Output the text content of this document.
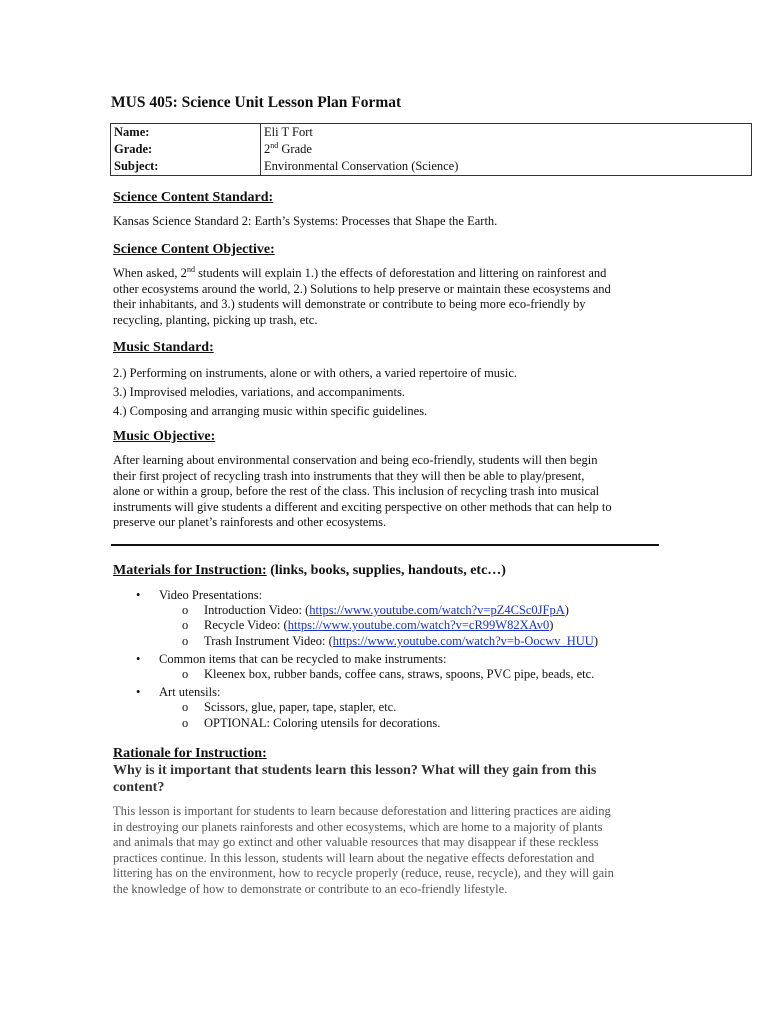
MUS 405: Science Unit Lesson Plan Format
Name:	Eli T Fort
Grade:	2nd Grade
Subject:	Environmental Conservation (Science)
Science Content Standard:
Kansas Science Standard 2: Earth’s Systems: Processes that Shape the Earth.
Science Content Objective:
When asked, 2nd students will explain 1.) the effects of deforestation and littering on rainforest and
other ecosystems around the world, 2.) Solutions to help preserve or maintain these ecosystems and
their inhabitants, and 3.) students will demonstrate or contribute to being more eco-friendly by
recycling, planting, picking up trash, etc.
Music Standard:
2.) Performing on instruments, alone or with others, a varied repertoire of music.
3.) Improvised melodies, variations, and accompaniments.
4.) Composing and arranging music within specific guidelines.
Music Objective:
After learning about environmental conservation and being eco-friendly, students will then begin
their first project of recycling trash into instruments that they will then be able to play/present,
alone or within a group, before the rest of the class. This inclusion of recycling trash into musical
instruments will give students a different and exciting perspective on other methods that can help to
preserve our planet’s rainforests and other ecosystems.
Materials for Instruction: (links, books, supplies, handouts, etc…)
• Video Presentations:
o Introduction Video: (https://www.youtube.com/watch?v=pZ4CSc0JFpA)
o Recycle Video: (https://www.youtube.com/watch?v=cR99W82XAv0)
o Trash Instrument Video: (https://www.youtube.com/watch?v=b-Oocwv_HUU)
• Common items that can be recycled to make instruments:
o Kleenex box, rubber bands, coffee cans, straws, spoons, PVC pipe, beads, etc.
• Art utensils:
o Scissors, glue, paper, tape, stapler, etc.
o OPTIONAL: Coloring utensils for decorations.
Rationale for Instruction:
Why is it important that students learn this lesson? What will they gain from this
content?
This lesson is important for students to learn because deforestation and littering practices are aiding
in destroying our planets rainforests and other ecosystems, which are home to a majority of plants
and animals that may go extinct and other valuable resources that may disappear if these reckless
practices continue. In this lesson, students will learn about the negative effects deforestation and
littering has on the environment, how to recycle properly (reduce, reuse, recycle), and they will gain
the knowledge of how to demonstrate or contribute to an eco-friendly lifestyle.
